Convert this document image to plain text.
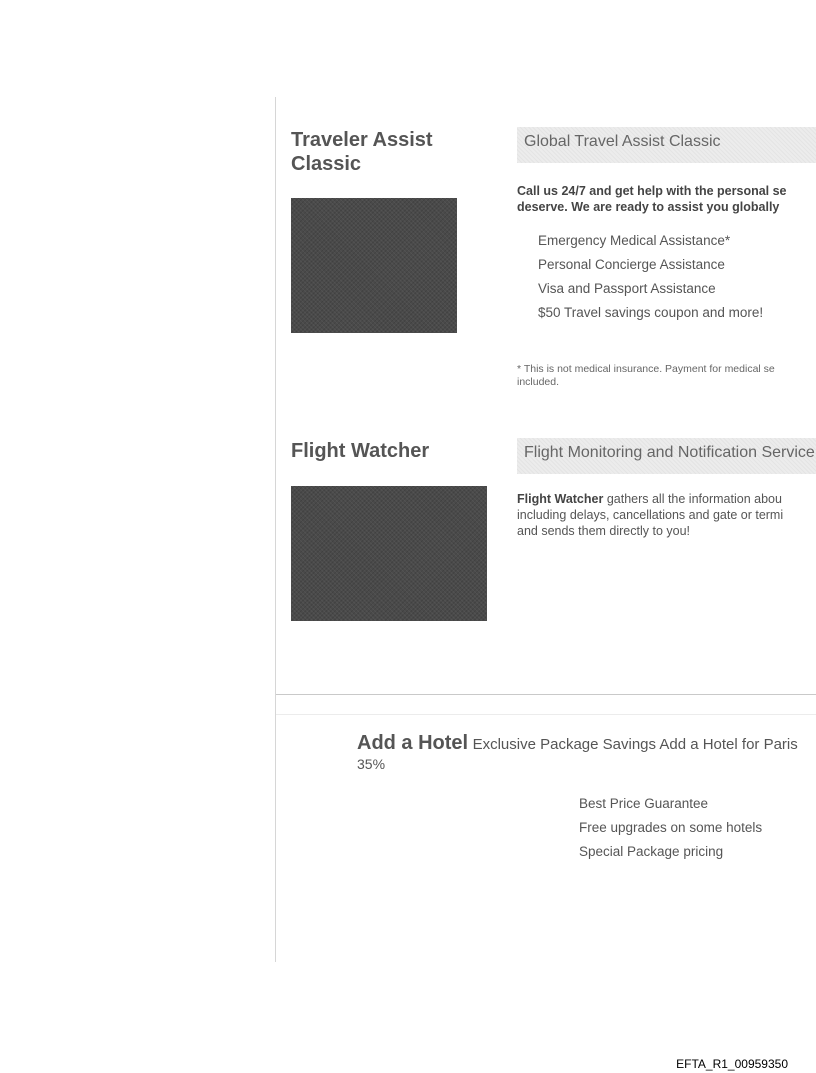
Traveler Assist
Classic
Global Travel Assist Classic

Call us 24/7 and get help with the personal se
deserve. We are ready to assist you globally

Emergency Medical Assistance*
Personal Concierge Assistance
Visa and Passport Assistance
$50 Travel savings coupon and more!

* This is not medical insurance. Payment for medical se
included.

Flight Watcher	Flight Monitoring and Notification Service

Flight Watcher gathers all the information abou
including delays, cancellations and gate or termi
and sends them directly to you!

Add a Hotel Exclusive Package Savings Add a Hotel for Paris

35%
Best Price Guarantee
Free upgrades on some hotels
Special Package pricing
EFTA_R1_00959350
